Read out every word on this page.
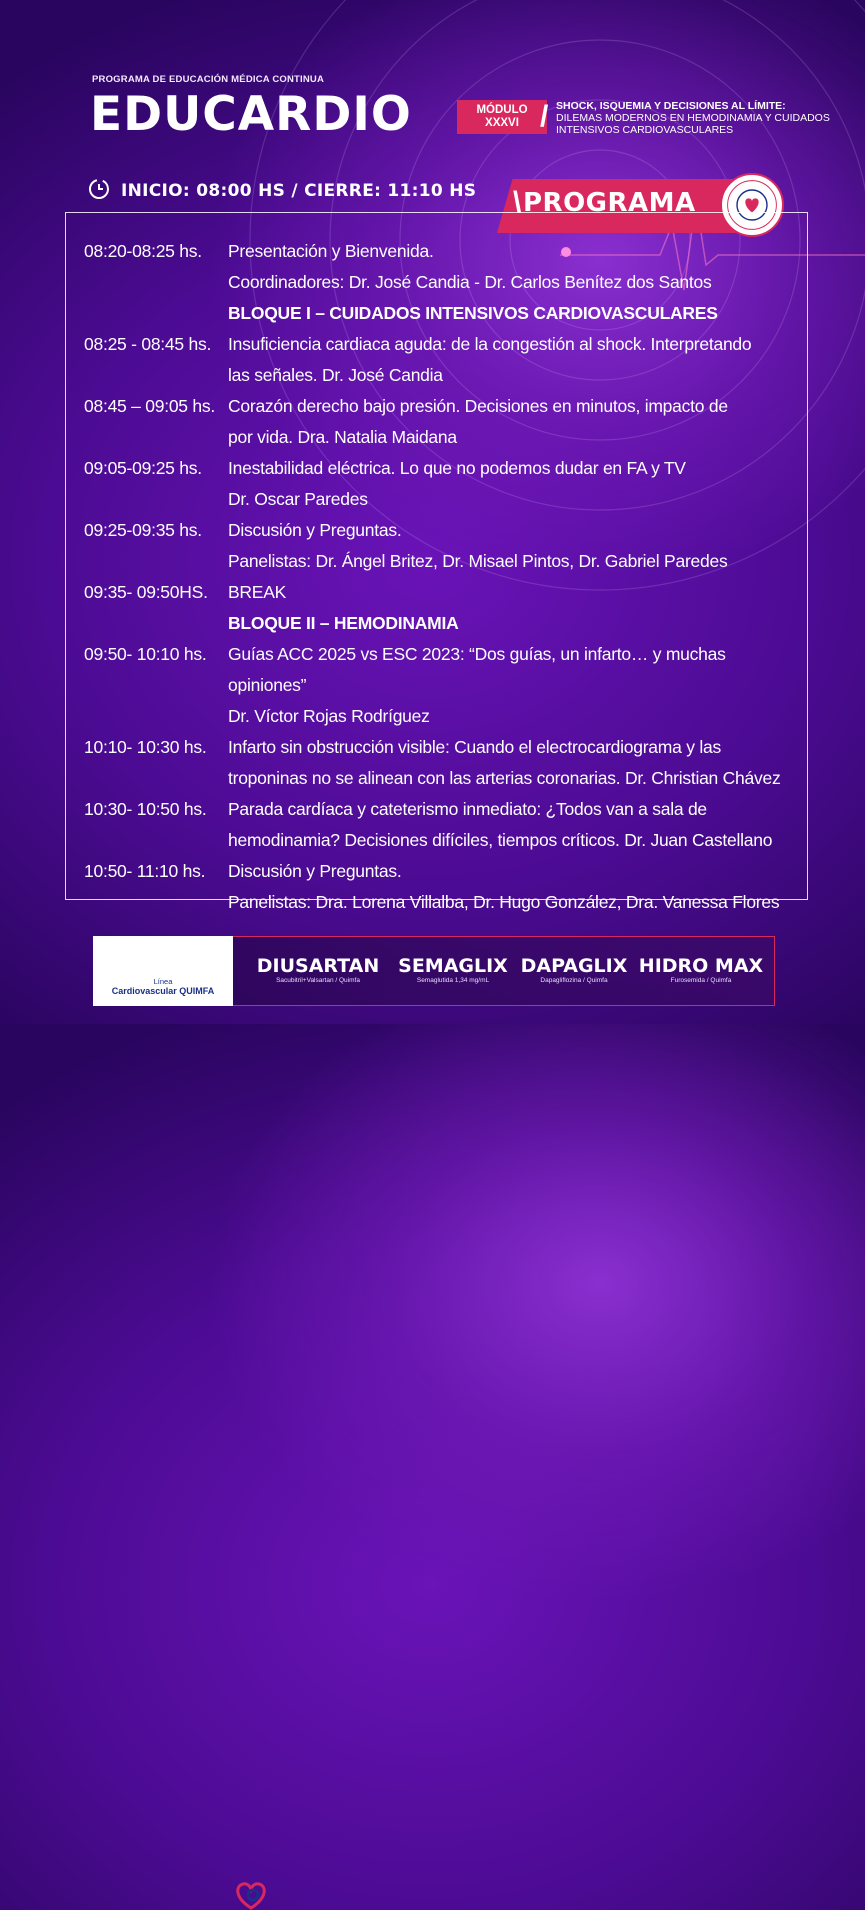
PROGRAMA DE EDUCACIÓN MÉDICA CONTINUA
EDUCARDIO	MÓDULO
XXXVI / SHOCK, ISQUEMIA Y DECISIONES AL LÍMITE:
DILEMAS MODERNOS EN HEMODINAMIA Y CUIDADOS INTENSIVOS CARDIOVASCULARES
INICIO: 08:00 HS / CIERRE: 11:10 HS \ PROGRAMA
08:20-08:25 hs.	Presentación y Bienvenida.
Coordinadores: Dr. José Candia - Dr. Carlos Benítez dos Santos
BLOQUE I – CUIDADOS INTENSIVOS CARDIOVASCULARES
08:25 - 08:45 hs. Insuficiencia cardiaca aguda: de la congestión al shock. Interpretando
las señales. Dr. José Candia
08:45 – 09:05 hs. Corazón derecho bajo presión. Decisiones en minutos, impacto de
por vida. Dra. Natalia Maidana
09:05-09:25 hs.	Inestabilidad eléctrica. Lo que no podemos dudar en FA y TV
Dr. Oscar Paredes
09:25-09:35 hs.	Discusión y Preguntas.
Panelistas: Dr. Ángel Britez, Dr. Misael Pintos, Dr. Gabriel Paredes
09:35- 09:50HS.	BREAK
BLOQUE II – HEMODINAMIA
09:50- 10:10 hs.	Guías ACC 2025 vs ESC 2023: “Dos guías, un infarto… y muchas opiniones”
Dr. Víctor Rojas Rodríguez
10:10- 10:30 hs.	Infarto sin obstrucción visible: Cuando el electrocardiograma y las
troponinas no se alinean con las arterias coronarias. Dr. Christian Chávez
10:30- 10:50 hs.	Parada cardíaca y cateterismo inmediato: ¿Todos van a sala de
hemodinamia? Decisiones difíciles, tiempos críticos. Dr. Juan Castellano
10:50- 11:10 hs.	Discusión y Preguntas.
Panelistas: Dra. Lorena Villalba, Dr. Hugo González, Dra. Vanessa Flores
Línea
Cardiovascular QUIMFA
DIUSARTAN
Sacubitril+Valsartan / Quimfa
SEMAGLIX
Semaglutida 1,34 mg/mL
DAPAGLIX
Dapagliflozina / Quimfa
HIDRO MAX
Furosemida / Quimfa
